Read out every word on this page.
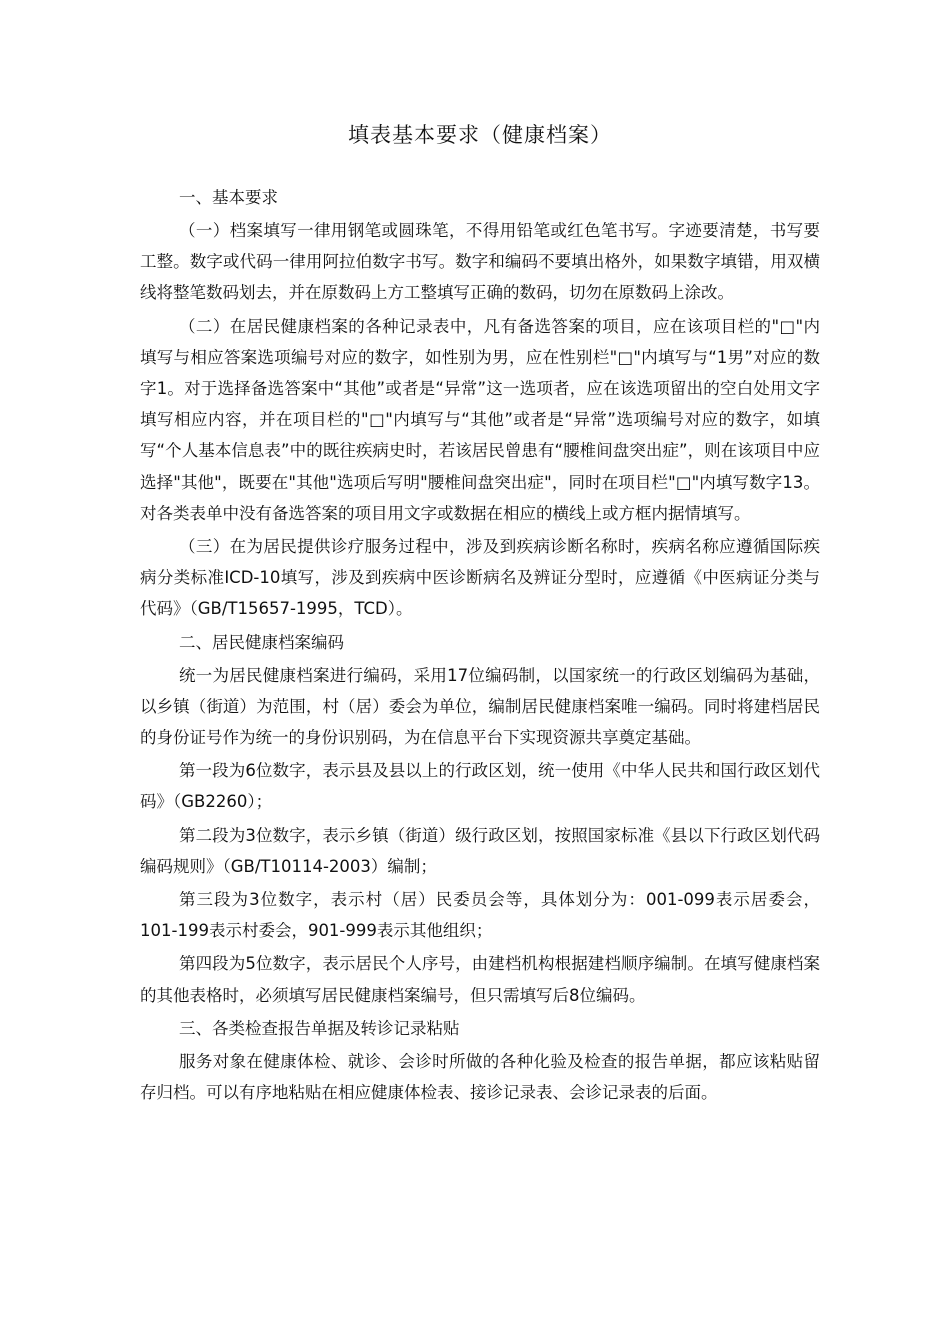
填表基本要求（健康档案）

一、基本要求

（一）档案填写一律用钢笔或圆珠笔，不得用铅笔或红色笔书写。字迹要清楚，书写要工整。数字或代码一律用阿拉伯数字书写。数字和编码不要填出格外，如果数字填错，用双横线将整笔数码划去，并在原数码上方工整填写正确的数码，切勿在原数码上涂改。

（二）在居民健康档案的各种记录表中，凡有备选答案的项目，应在该项目栏的"□"内填写与相应答案选项编号对应的数字，如性别为男，应在性别栏"□"内填写与“1男”对应的数字1。对于选择备选答案中“其他”或者是“异常”这一选项者，应在该选项留出的空白处用文字填写相应内容，并在项目栏的"□"内填写与“其他”或者是“异常”选项编号对应的数字，如填写“个人基本信息表”中的既往疾病史时，若该居民曾患有“腰椎间盘突出症”，则在该项目中应选择"其他"，既要在"其他"选项后写明"腰椎间盘突出症"，同时在项目栏"□"内填写数字13。对各类表单中没有备选答案的项目用文字或数据在相应的横线上或方框内据情填写。

（三）在为居民提供诊疗服务过程中，涉及到疾病诊断名称时，疾病名称应遵循国际疾病分类标准ICD-10填写，涉及到疾病中医诊断病名及辨证分型时，应遵循《中医病证分类与代码》（GB/T15657-1995，TCD）。

二、居民健康档案编码

统一为居民健康档案进行编码，采用17位编码制，以国家统一的行政区划编码为基础，以乡镇（街道）为范围，村（居）委会为单位，编制居民健康档案唯一编码。同时将建档居民的身份证号作为统一的身份识别码，为在信息平台下实现资源共享奠定基础。

第一段为6位数字，表示县及县以上的行政区划，统一使用《中华人民共和国行政区划代码》（GB2260）；

第二段为3位数字，表示乡镇（街道）级行政区划，按照国家标准《县以下行政区划代码编码规则》（GB/T10114-2003）编制；

第三段为3位数字，表示村（居）民委员会等，具体划分为：001-099表示居委会，101-199表示村委会，901-999表示其他组织；

第四段为5位数字，表示居民个人序号，由建档机构根据建档顺序编制。在填写健康档案的其他表格时，必须填写居民健康档案编号，但只需填写后8位编码。

三、各类检查报告单据及转诊记录粘贴

服务对象在健康体检、就诊、会诊时所做的各种化验及检查的报告单据，都应该粘贴留存归档。可以有序地粘贴在相应健康体检表、接诊记录表、会诊记录表的后面。
